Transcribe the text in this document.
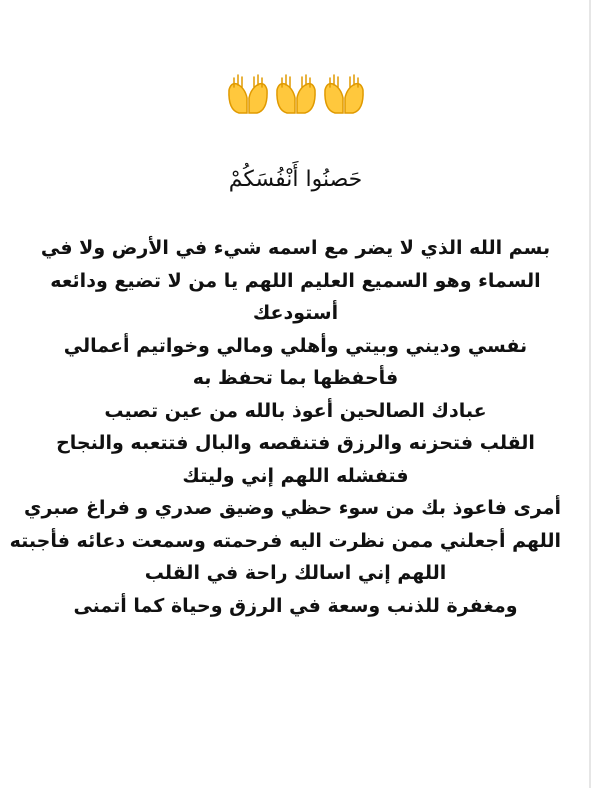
حَصنُوا أَنْفُسَكُمْ
بسم الله الذي لا يضر مع اسمه شيء في الأرض ولا في
السماء وهو السميع العليم اللهم يا من لا تضيع ودائعه
أستودعك
نفسي وديني وبيتي وأهلي ومالي وخواتيم أعمالي
فأحفظها بما تحفظ به
عبادك الصالحين أعوذ بالله من عين تصيب
القلب فتحزنه والرزق فتنقصه والبال فتتعبه والنجاح
فتفشله اللهم إني وليتك
أمرى فاعوذ بك من سوء حظي وضيق صدري و فراغ صبري
اللهم أجعلني ممن نظرت اليه فرحمته وسمعت دعائه فأجبته
اللهم إني اسالك راحة في القلب
ومغفرة للذنب وسعة في الرزق وحياة كما أتمنى
